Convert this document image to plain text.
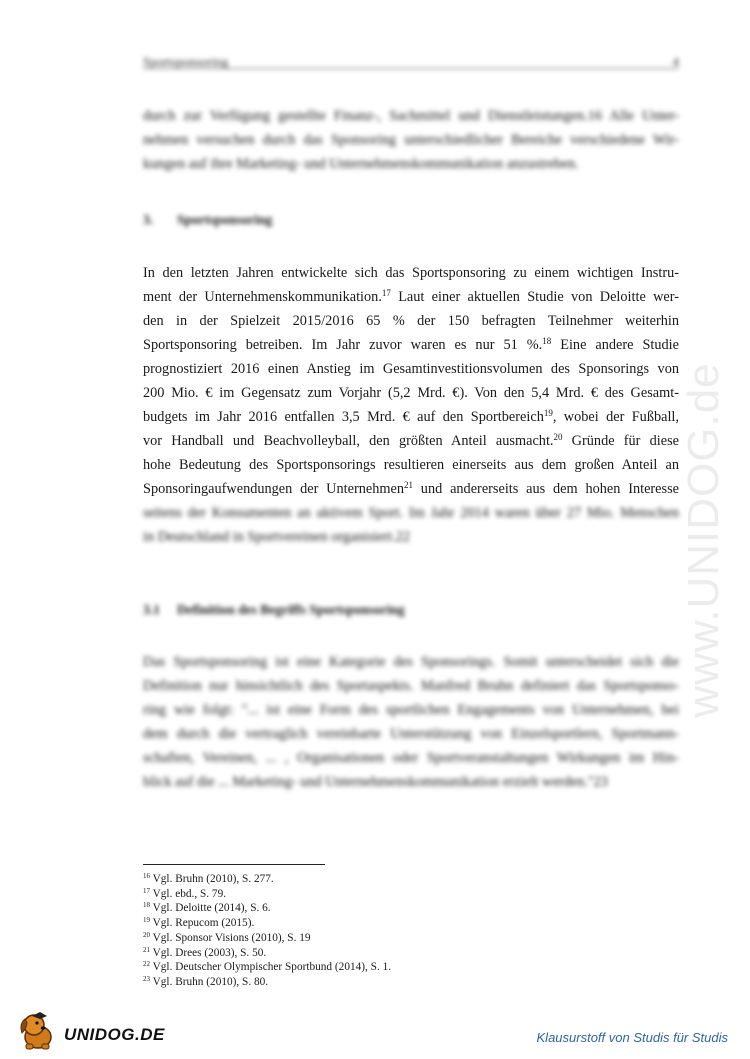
Sportsponsoring	4
durch zur Verfügung gestellte Finanz-, Sachmittel und Dienstleistungen.16 Alle Unter-
nehmen versuchen durch das Sponsoring unterschiedlicher Bereiche verschiedene Wir-
kungen auf ihre Marketing- und Unternehmenskommunikation anzustreben.
3. Sportsponsoring
In den letzten Jahren entwickelte sich das Sportsponsoring zu einem wichtigen Instru-
ment der Unternehmenskommunikation.$^{17}$ Laut einer aktuellen Studie von Deloitte wer-
den in der Spielzeit 2015/2016 65 % der 150 befragten Teilnehmer weiterhin
Sportsponsoring betreiben. Im Jahr zuvor waren es nur 51 %.$^{18}$ Eine andere Studie
prognostiziert 2016 einen Anstieg im Gesamtinvestitionsvolumen des Sponsorings von
200 Mio. € im Gegensatz zum Vorjahr (5,2 Mrd. €). Von den 5,4 Mrd. € des Gesamt-
budgets im Jahr 2016 entfallen 3,5 Mrd. € auf den Sportbereich$^{19}$, wobei der Fußball,
vor Handball und Beachvolleyball, den größten Anteil ausmacht.$^{20}$ Gründe für diese
hohe Bedeutung des Sportsponsorings resultieren einerseits aus dem großen Anteil an
Sponsoringaufwendungen der Unternehmen$^{21}$ und andererseits aus dem hohen Interesse
seitens der Konsumenten an aktivem Sport. Im Jahr 2014 waren über 27 Mio. Menschen
in Deutschland in Sportvereinen organisiert.22
3.1 Definition des Begriffs Sportsponsoring
Das Sportsponsoring ist eine Kategorie des Sponsorings. Somit unterscheidet sich die
Definition nur hinsichtlich des Sportaspekts. Manfred Bruhn definiert das Sportsponso-
ring wie folgt: "... ist eine Form des sportlichen Engagements von Unternehmen, bei
dem durch die vertraglich vereinbarte Unterstützung von Einzelsportlern, Sportmann-
schaften, Vereinen, ... , Organisationen oder Sportveranstaltungen Wirkungen im Hin-
blick auf die ... Marketing- und Unternehmenskommunikation erzielt werden."23
$^{16}$ Vgl. Bruhn (2010), S. 277.
$^{17}$ Vgl. ebd., S. 79.
$^{18}$ Vgl. Deloitte (2014), S. 6.
$^{19}$ Vgl. Repucom (2015).
$^{20}$ Vgl. Sponsor Visions (2010), S. 19
$^{21}$ Vgl. Drees (2003), S. 50.
$^{22}$ Vgl. Deutscher Olympischer Sportbund (2014), S. 1.
$^{23}$ Vgl. Bruhn (2010), S. 80.
www.UNIDOG.de
UNIDOG.DE	Klausurstoff von Studis für Studis
